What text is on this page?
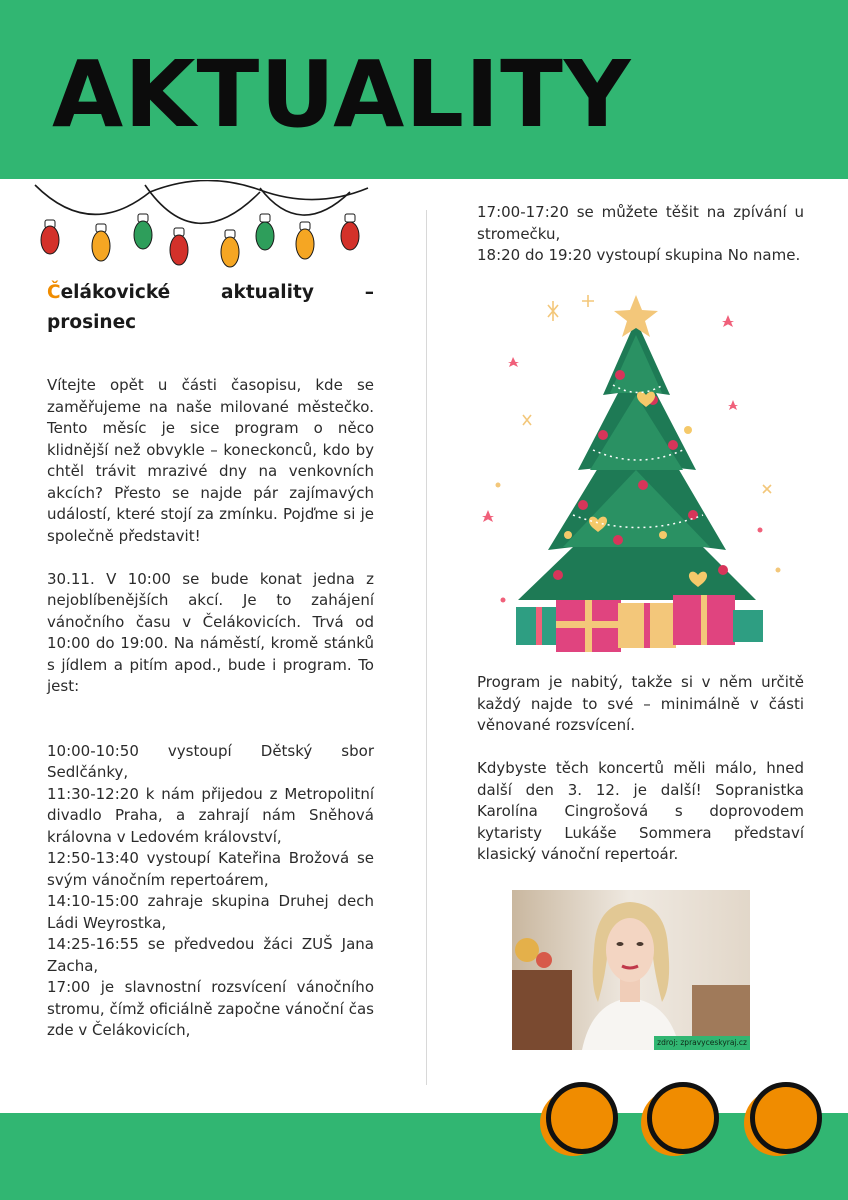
AKTUALITY
Čelákovické aktuality –
prosinec

Vítejte opět u části časopisu, kde se zaměřujeme na naše milované městečko. Tento měsíc je sice program o něco klidnější než obvykle – koneckonců, kdo by chtěl trávit mrazivé dny na venkovních akcích? Přesto se najde pár zajímavých událostí, které stojí za zmínku. Pojďme si je společně představit!

30.11. V 10:00 se bude konat jedna z nejoblíbenějších akcí. Je to zahájení vánočního času v Čelákovicích. Trvá od 10:00 do 19:00. Na náměstí, kromě stánků s jídlem a pitím apod., bude i program. To jest:

10:00-10:50 vystoupí Dětský sbor Sedlčánky,

11:30-12:20 k nám přijedou z Metropolitní divadlo Praha, a zahrají nám Sněhová královna v Ledovém království,

12:50-13:40 vystoupí Kateřina Brožová se svým vánočním repertoárem,

14:10-15:00 zahraje skupina Druhej dech Ládi Weyrostka,

14:25-16:55 se předvedou žáci ZUŠ Jana Zacha,

17:00 je slavnostní rozsvícení vánočního stromu, čímž oficiálně započne vánoční čas zde v Čelákovicích,

17:00-17:20 se můžete těšit na zpívání u stromečku,

18:20 do 19:20 vystoupí skupina No name.

Program je nabitý, takže si v něm určitě každý najde to své – minimálně v části věnované rozsvícení.

Kdybyste těch koncertů měli málo, hned další den 3. 12. je další! Sopranistka Karolína Cingrošová s doprovodem kytaristy Lukáše Sommera představí klasický vánoční repertoár.

zdroj: zpravyceskyraj.cz
